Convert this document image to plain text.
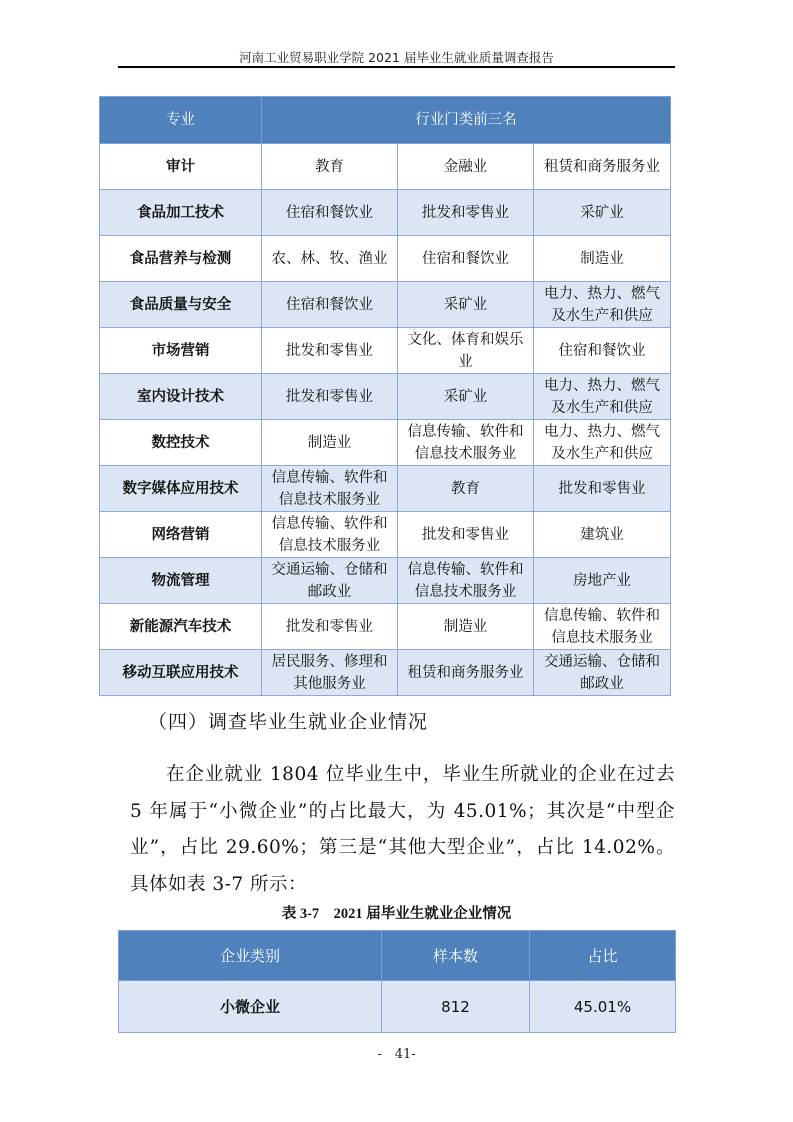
河南工业贸易职业学院 2021 届毕业生就业质量调查报告
专业	行业门类前三名		
审计	教育	金融业	租赁和商务服务业
食品加工技术	住宿和餐饮业	批发和零售业	采矿业
食品营养与检测	农、林、牧、渔业	住宿和餐饮业	制造业
食品质量与安全	住宿和餐饮业	采矿业	电力、热力、燃气及水生产和供应
市场营销	批发和零售业	文化、体育和娱乐业	住宿和餐饮业
室内设计技术	批发和零售业	采矿业	电力、热力、燃气及水生产和供应
数控技术	制造业	信息传输、软件和信息技术服务业	电力、热力、燃气及水生产和供应
数字媒体应用技术	信息传输、软件和信息技术服务业	教育	批发和零售业
网络营销	信息传输、软件和信息技术服务业	批发和零售业	建筑业
物流管理	交通运输、仓储和邮政业	信息传输、软件和信息技术服务业	房地产业
新能源汽车技术	批发和零售业	制造业	信息传输、软件和信息技术服务业
移动互联应用技术	居民服务、修理和其他服务业	租赁和商务服务业	交通运输、仓储和邮政业
（四）调查毕业生就业企业情况
在企业就业 1804 位毕业生中，毕业生所就业的企业在过去 5 年属于“小微企业”的占比最大，为 45.01%；其次是“中型企业”，占比 29.60%；第三是“其他大型企业”，占比 14.02%。具体如表 3-7 所示：
表 3-7　2021 届毕业生就业企业情况
企业类别	样本数	占比
小微企业	812	45.01%
-　41-
